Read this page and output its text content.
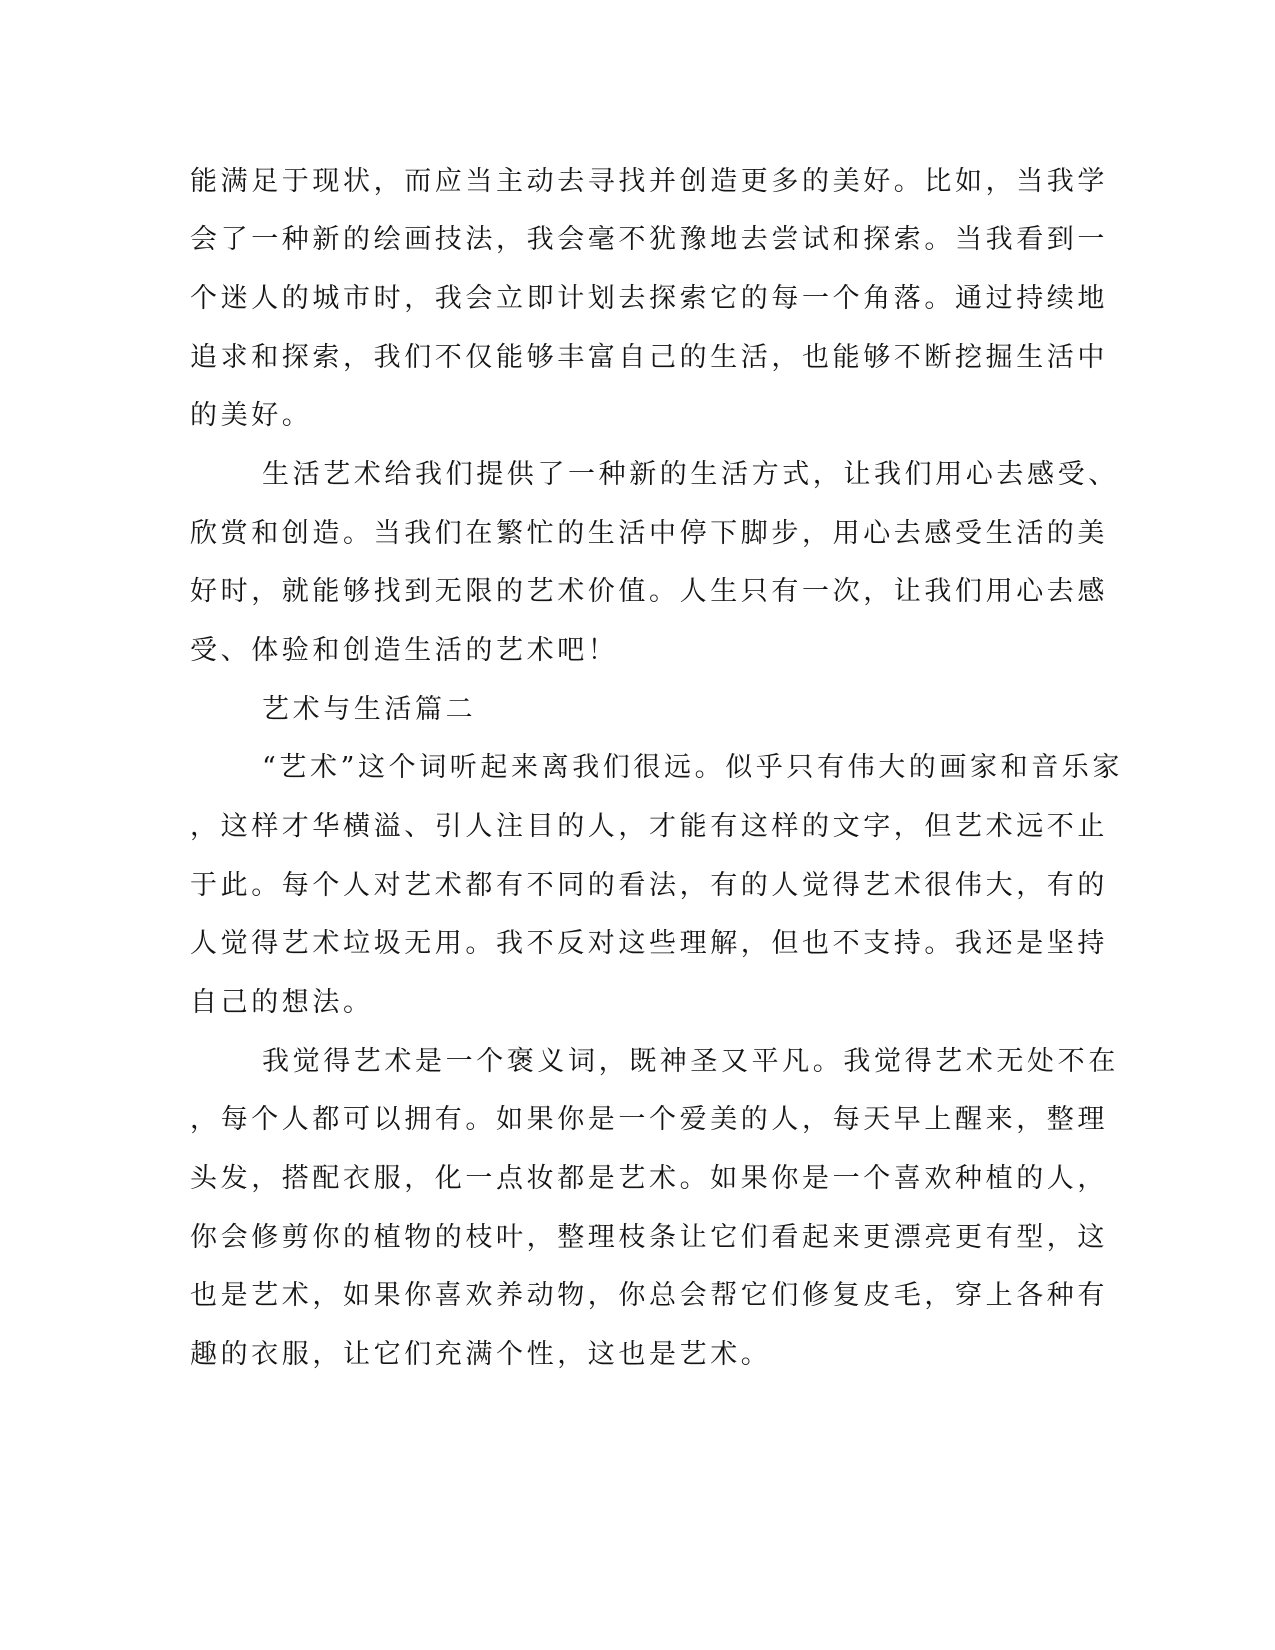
能满足于现状，而应当主动去寻找并创造更多的美好。比如，当我学

会了一种新的绘画技法，我会毫不犹豫地去尝试和探索。当我看到一

个迷人的城市时，我会立即计划去探索它的每一个角落。通过持续地

追求和探索，我们不仅能够丰富自己的生活，也能够不断挖掘生活中

的美好。

生活艺术给我们提供了一种新的生活方式，让我们用心去感受、

欣赏和创造。当我们在繁忙的生活中停下脚步，用心去感受生活的美

好时，就能够找到无限的艺术价值。人生只有一次，让我们用心去感

受、体验和创造生活的艺术吧！

艺术与生活篇二

“艺术”这个词听起来离我们很远。似乎只有伟大的画家和音乐家

，这样才华横溢、引人注目的人，才能有这样的文字，但艺术远不止

于此。每个人对艺术都有不同的看法，有的人觉得艺术很伟大，有的

人觉得艺术垃圾无用。我不反对这些理解，但也不支持。我还是坚持

自己的想法。

我觉得艺术是一个褒义词，既神圣又平凡。我觉得艺术无处不在

，每个人都可以拥有。如果你是一个爱美的人，每天早上醒来，整理

头发，搭配衣服，化一点妆都是艺术。如果你是一个喜欢种植的人，

你会修剪你的植物的枝叶，整理枝条让它们看起来更漂亮更有型，这

也是艺术，如果你喜欢养动物，你总会帮它们修复皮毛，穿上各种有

趣的衣服，让它们充满个性，这也是艺术。
